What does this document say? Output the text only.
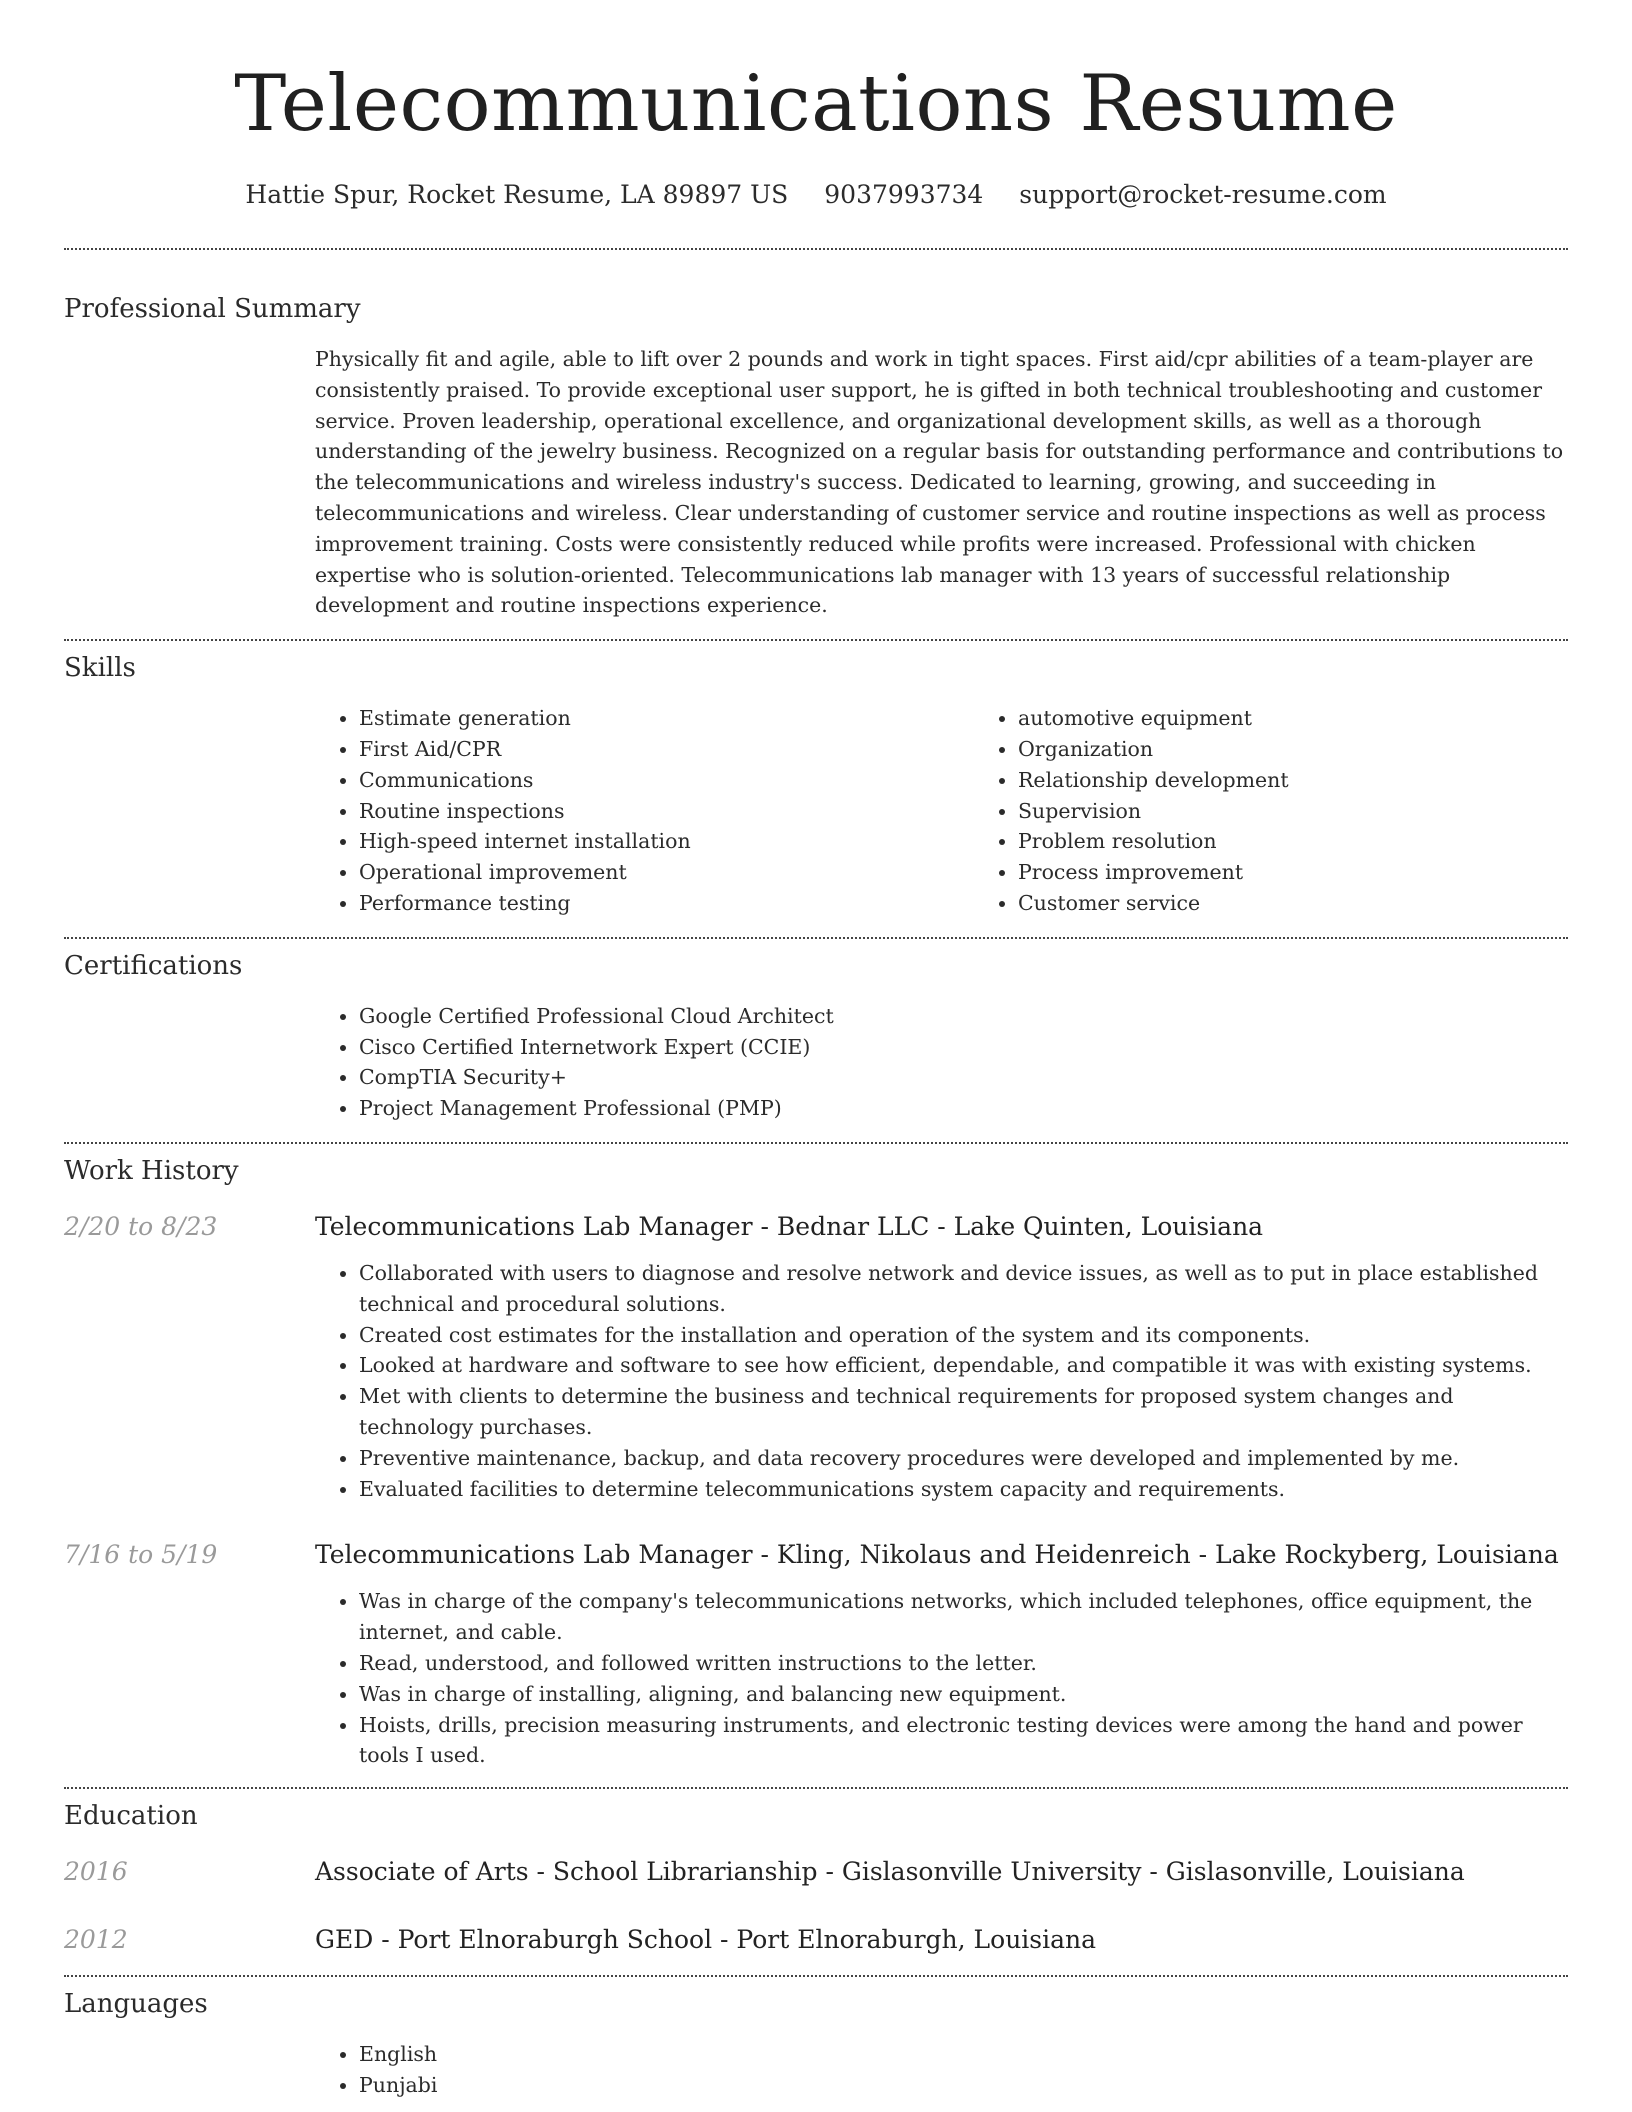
Telecommunications Resume
Hattie Spur, Rocket Resume, LA 89897 US 9037993734 support@rocket-resume.com
Professional Summary
Physically fit and agile, able to lift over 2 pounds and work in tight spaces. First aid/cpr abilities of a team-player are consistently praised. To provide exceptional user support, he is gifted in both technical troubleshooting and customer service. Proven leadership, operational excellence, and organizational development skills, as well as a thorough understanding of the jewelry business. Recognized on a regular basis for outstanding performance and contributions to the telecommunications and wireless industry's success. Dedicated to learning, growing, and succeeding in telecommunications and wireless. Clear understanding of customer service and routine inspections as well as process improvement training. Costs were consistently reduced while profits were increased. Professional with chicken expertise who is solution-oriented. Telecommunications lab manager with 13 years of successful relationship development and routine inspections experience.
Skills
• Estimate generation
• First Aid/CPR
• Communications
• Routine inspections
• High-speed internet installation
• Operational improvement
• Performance testing
• automotive equipment
• Organization
• Relationship development
• Supervision
• Problem resolution
• Process improvement
• Customer service
Certifications
• Google Certified Professional Cloud Architect
• Cisco Certified Internetwork Expert (CCIE)
• CompTIA Security+
• Project Management Professional (PMP)
Work History
2/20 to 8/23	Telecommunications Lab Manager - Bednar LLC - Lake Quinten, Louisiana
• Collaborated with users to diagnose and resolve network and device issues, as well as to put in place established technical and procedural solutions.
• Created cost estimates for the installation and operation of the system and its components.
• Looked at hardware and software to see how efficient, dependable, and compatible it was with existing systems.
• Met with clients to determine the business and technical requirements for proposed system changes and technology purchases.
• Preventive maintenance, backup, and data recovery procedures were developed and implemented by me.
• Evaluated facilities to determine telecommunications system capacity and requirements.
7/16 to 5/19	Telecommunications Lab Manager - Kling, Nikolaus and Heidenreich - Lake Rockyberg, Louisiana
• Was in charge of the company's telecommunications networks, which included telephones, office equipment, the internet, and cable.
• Read, understood, and followed written instructions to the letter.
• Was in charge of installing, aligning, and balancing new equipment.
• Hoists, drills, precision measuring instruments, and electronic testing devices were among the hand and power tools I used.
Education
2016	Associate of Arts - School Librarianship - Gislasonville University - Gislasonville, Louisiana
2012	GED - Port Elnoraburgh School - Port Elnoraburgh, Louisiana
Languages
• English
• Punjabi
